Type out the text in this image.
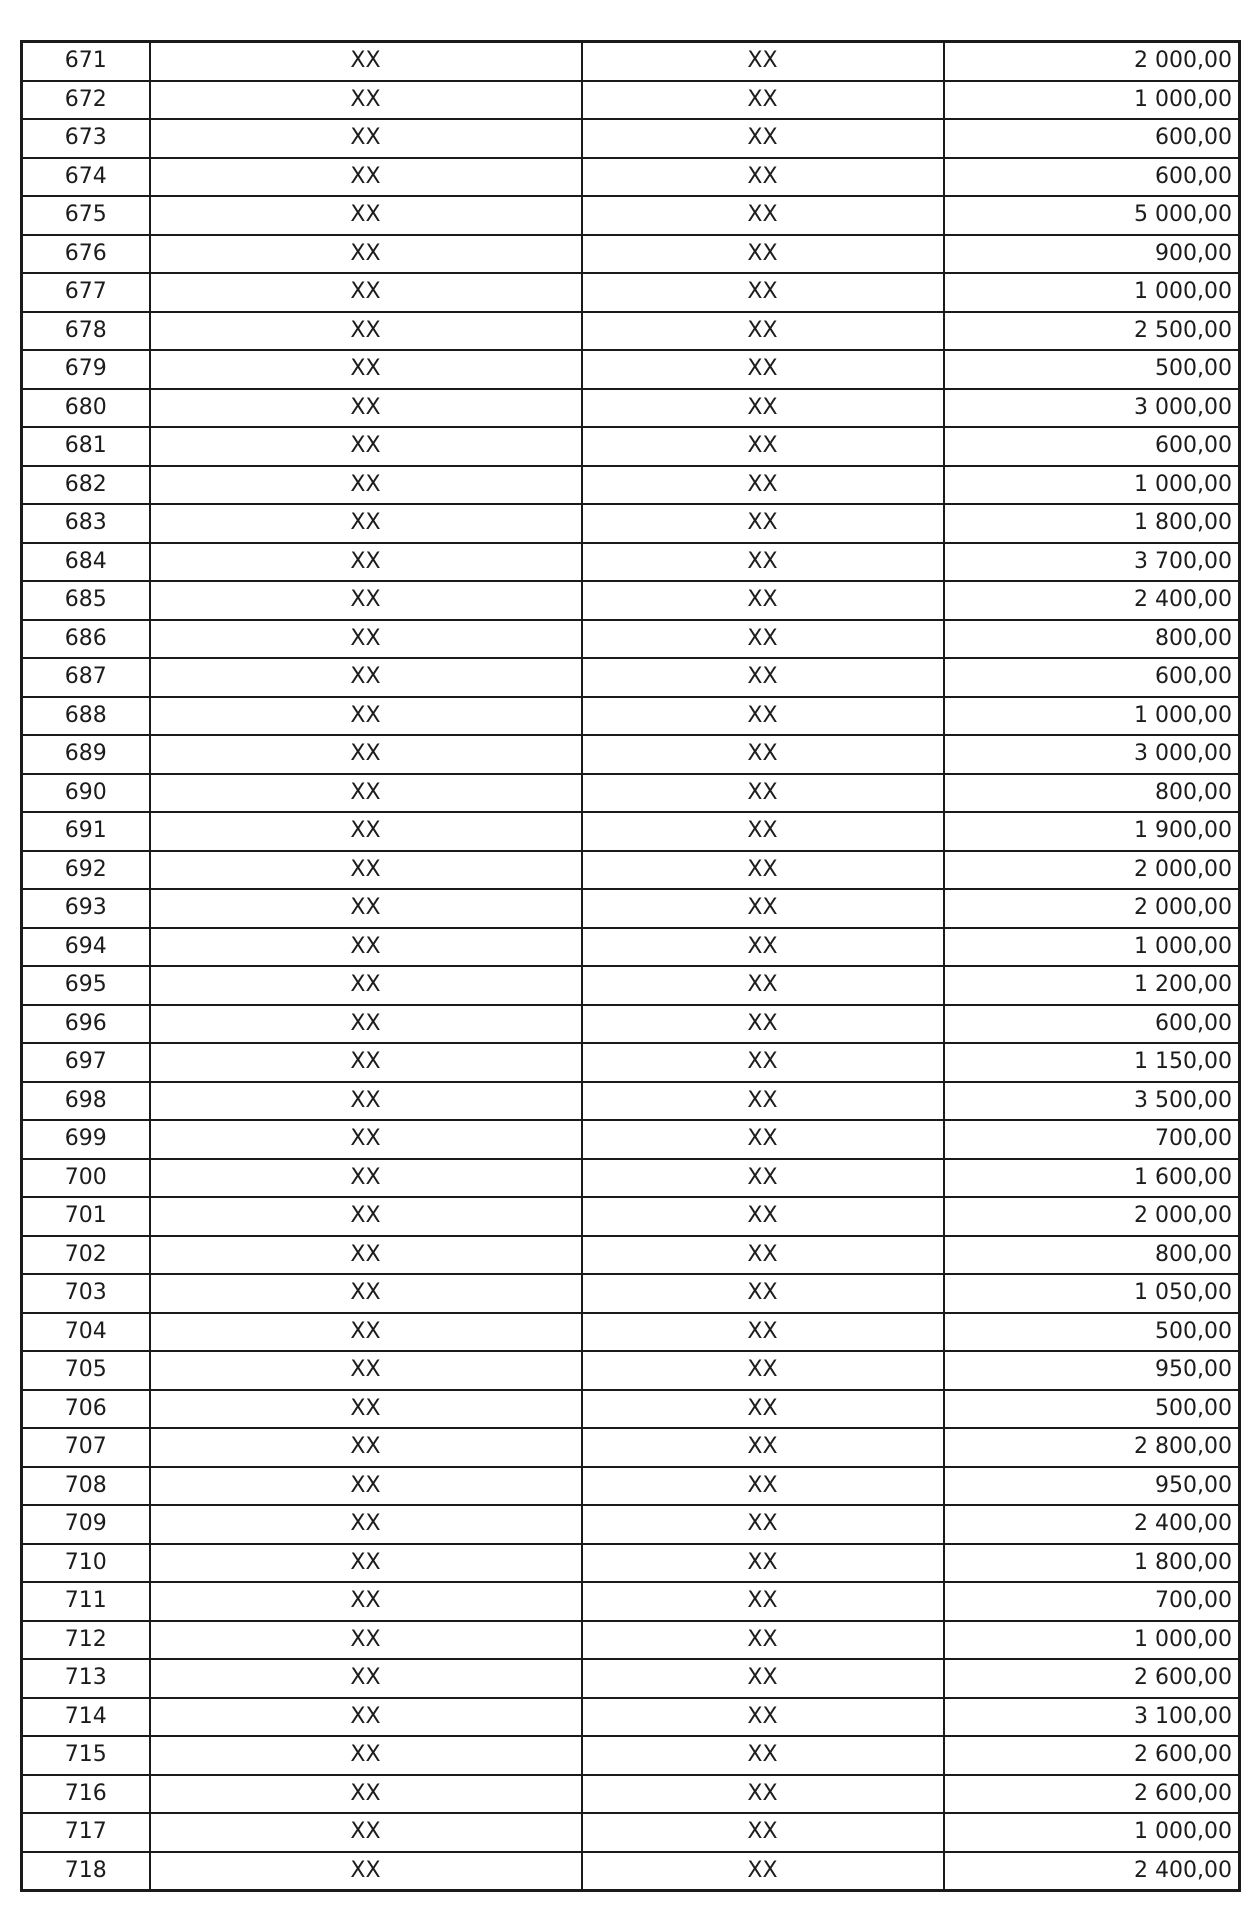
671	XX	XX	2 000,00
672	XX	XX	1 000,00
673	XX	XX	600,00
674	XX	XX	600,00
675	XX	XX	5 000,00
676	XX	XX	900,00
677	XX	XX	1 000,00
678	XX	XX	2 500,00
679	XX	XX	500,00
680	XX	XX	3 000,00
681	XX	XX	600,00
682	XX	XX	1 000,00
683	XX	XX	1 800,00
684	XX	XX	3 700,00
685	XX	XX	2 400,00
686	XX	XX	800,00
687	XX	XX	600,00
688	XX	XX	1 000,00
689	XX	XX	3 000,00
690	XX	XX	800,00
691	XX	XX	1 900,00
692	XX	XX	2 000,00
693	XX	XX	2 000,00
694	XX	XX	1 000,00
695	XX	XX	1 200,00
696	XX	XX	600,00
697	XX	XX	1 150,00
698	XX	XX	3 500,00
699	XX	XX	700,00
700	XX	XX	1 600,00
701	XX	XX	2 000,00
702	XX	XX	800,00
703	XX	XX	1 050,00
704	XX	XX	500,00
705	XX	XX	950,00
706	XX	XX	500,00
707	XX	XX	2 800,00
708	XX	XX	950,00
709	XX	XX	2 400,00
710	XX	XX	1 800,00
711	XX	XX	700,00
712	XX	XX	1 000,00
713	XX	XX	2 600,00
714	XX	XX	3 100,00
715	XX	XX	2 600,00
716	XX	XX	2 600,00
717	XX	XX	1 000,00
718	XX	XX	2 400,00
